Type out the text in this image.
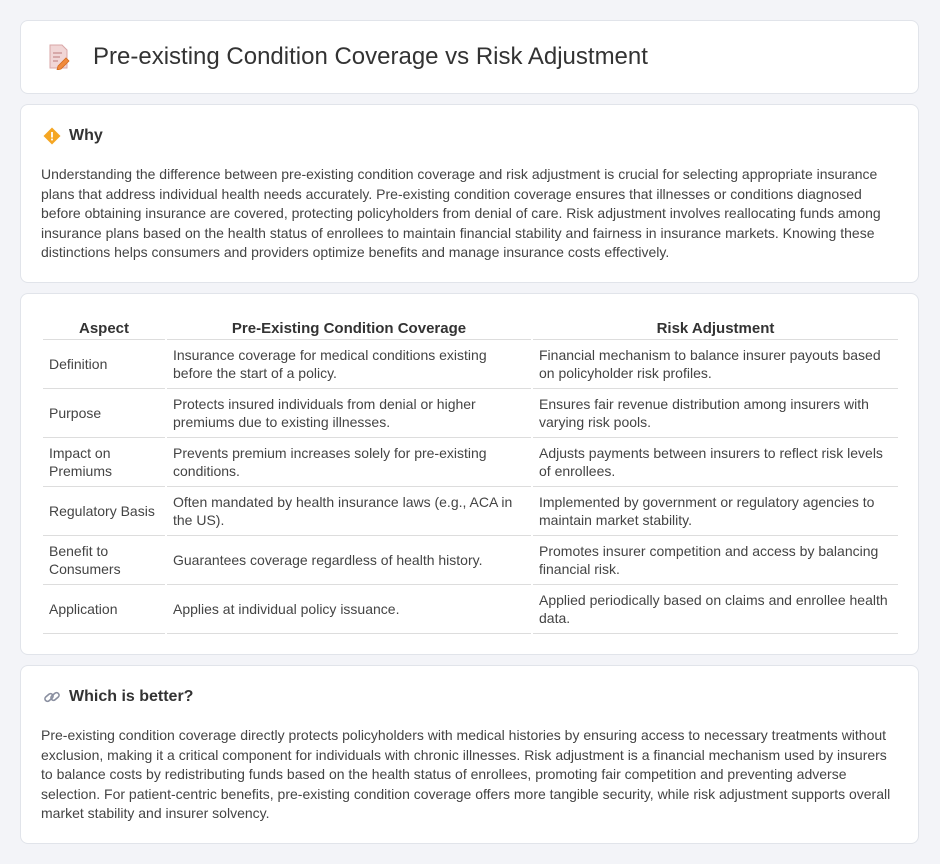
Pre-existing Condition Coverage vs Risk Adjustment
Why

Understanding the difference between pre-existing condition coverage and risk adjustment is crucial for selecting appropriate insurance plans that address individual health needs accurately. Pre-existing condition coverage ensures that illnesses or conditions diagnosed before obtaining insurance are covered, protecting policyholders from denial of care. Risk adjustment involves reallocating funds among insurance plans based on the health status of enrollees to maintain financial stability and fairness in insurance markets. Knowing these distinctions helps consumers and providers optimize benefits and manage insurance costs effectively.

Aspect	Pre-Existing Condition Coverage	Risk Adjustment
Definition	Insurance coverage for medical conditions existing before the start of a policy.	Financial mechanism to balance insurer payouts based on policyholder risk profiles.
Purpose	Protects insured individuals from denial or higher premiums due to existing illnesses.	Ensures fair revenue distribution among insurers with varying risk pools.
Impact on Premiums	Prevents premium increases solely for pre-existing conditions.	Adjusts payments between insurers to reflect risk levels of enrollees.
Regulatory Basis	Often mandated by health insurance laws (e.g., ACA in the US).	Implemented by government or regulatory agencies to maintain market stability.
Benefit to Consumers	Guarantees coverage regardless of health history.	Promotes insurer competition and access by balancing financial risk.
Application	Applies at individual policy issuance.	Applied periodically based on claims and enrollee health data.
Which is better?

Pre-existing condition coverage directly protects policyholders with medical histories by ensuring access to necessary treatments without exclusion, making it a critical component for individuals with chronic illnesses. Risk adjustment is a financial mechanism used by insurers to balance costs by redistributing funds based on the health status of enrollees, promoting fair competition and preventing adverse selection. For patient-centric benefits, pre-existing condition coverage offers more tangible security, while risk adjustment supports overall market stability and insurer solvency.
